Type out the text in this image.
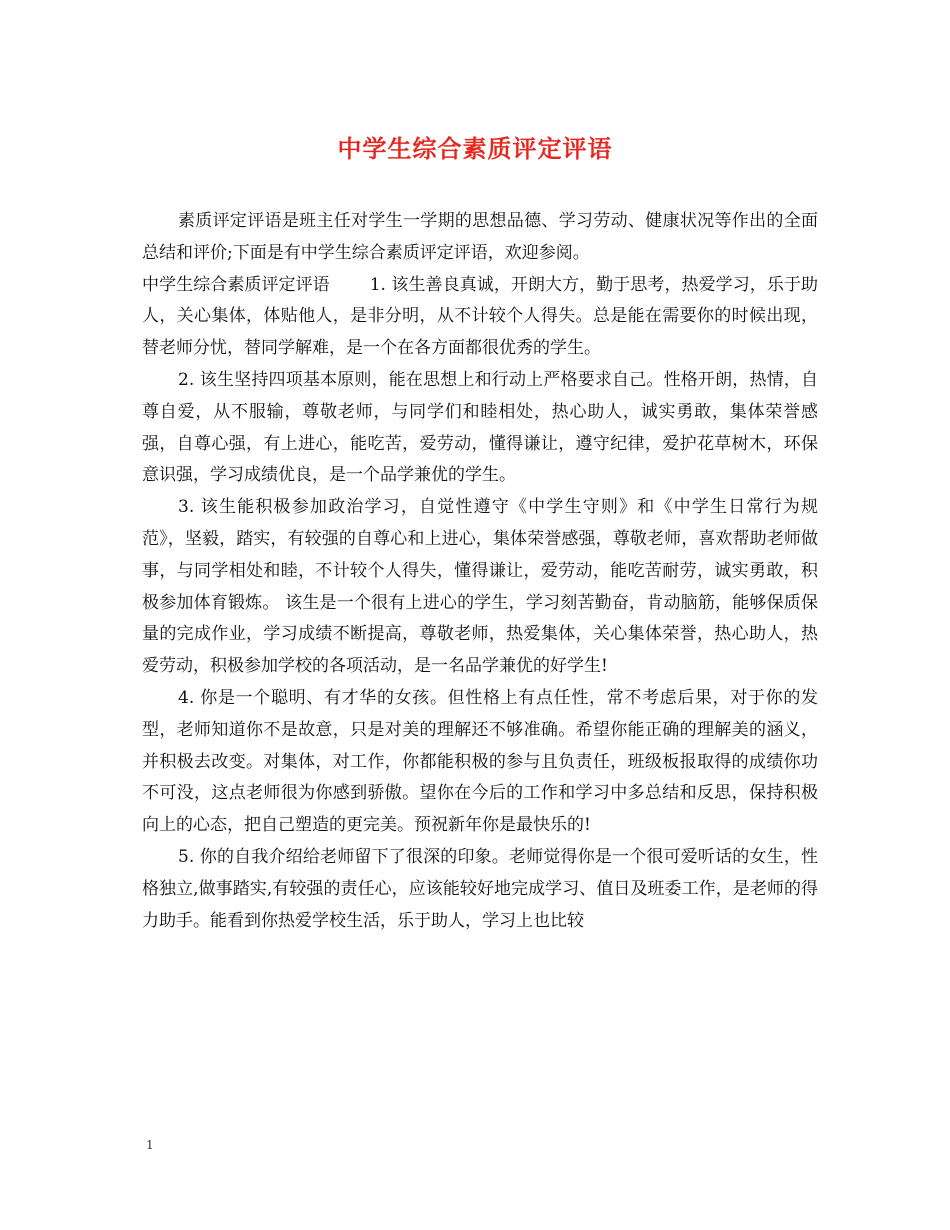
中学生综合素质评定评语

素质评定评语是班主任对学生一学期的思想品德、学习劳动、健康状况等作出的全面总结和评价;下面是有中学生综合素质评定评语，欢迎参阅。

中学生综合素质评定评语 1. 该生善良真诚，开朗大方，勤于思考，热爱学习，乐于助人，关心集体，体贴他人，是非分明，从不计较个人得失。总是能在需要你的时候出现，替老师分忧，替同学解难，是一个在各方面都很优秀的学生。

2. 该生坚持四项基本原则，能在思想上和行动上严格要求自己。性格开朗，热情，自尊自爱，从不服输，尊敬老师，与同学们和睦相处，热心助人，诚实勇敢，集体荣誉感强，自尊心强，有上进心，能吃苦，爱劳动，懂得谦让，遵守纪律，爱护花草树木，环保意识强，学习成绩优良，是一个品学兼优的学生。

3. 该生能积极参加政治学习，自觉性遵守《中学生守则》和《中学生日常行为规范》，坚毅，踏实，有较强的自尊心和上进心，集体荣誉感强，尊敬老师，喜欢帮助老师做事，与同学相处和睦，不计较个人得失，懂得谦让，爱劳动，能吃苦耐劳，诚实勇敢，积极参加体育锻炼。 该生是一个很有上进心的学生，学习刻苦勤奋，肯动脑筋，能够保质保量的完成作业，学习成绩不断提高，尊敬老师，热爱集体，关心集体荣誉，热心助人，热爱劳动，积极参加学校的各项活动，是一名品学兼优的好学生!

4. 你是一个聪明、有才华的女孩。但性格上有点任性，常不考虑后果，对于你的发型，老师知道你不是故意，只是对美的理解还不够准确。希望你能正确的理解美的涵义，并积极去改变。对集体，对工作，你都能积极的参与且负责任，班级板报取得的成绩你功不可没，这点老师很为你感到骄傲。望你在今后的工作和学习中多总结和反思，保持积极向上的心态，把自己塑造的更完美。预祝新年你是最快乐的!

5. 你的自我介绍给老师留下了很深的印象。老师觉得你是一个很可爱听话的女生，性格独立,做事踏实,有较强的责任心，应该能较好地完成学习、值日及班委工作，是老师的得力助手。能看到你热爱学校生活，乐于助人，学习上也比较

1
